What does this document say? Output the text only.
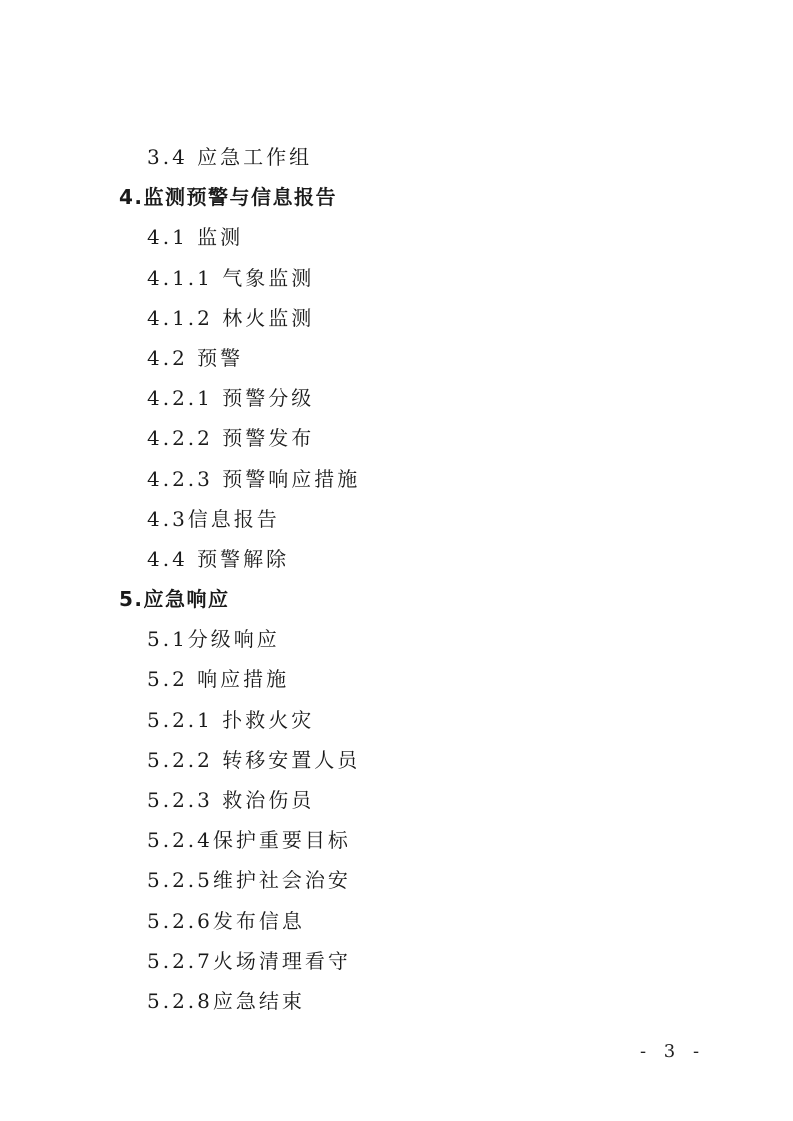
3.4 应急工作组
4.监测预警与信息报告
4.1 监测
4.1.1 气象监测
4.1.2 林火监测
4.2 预警
4.2.1 预警分级
4.2.2 预警发布
4.2.3 预警响应措施
4.3信息报告
4.4 预警解除
5.应急响应
5.1分级响应
5.2 响应措施
5.2.1 扑救火灾
5.2.2 转移安置人员
5.2.3 救治伤员
5.2.4保护重要目标
5.2.5维护社会治安
5.2.6发布信息
5.2.7火场清理看守
5.2.8应急结束
- 3 -
